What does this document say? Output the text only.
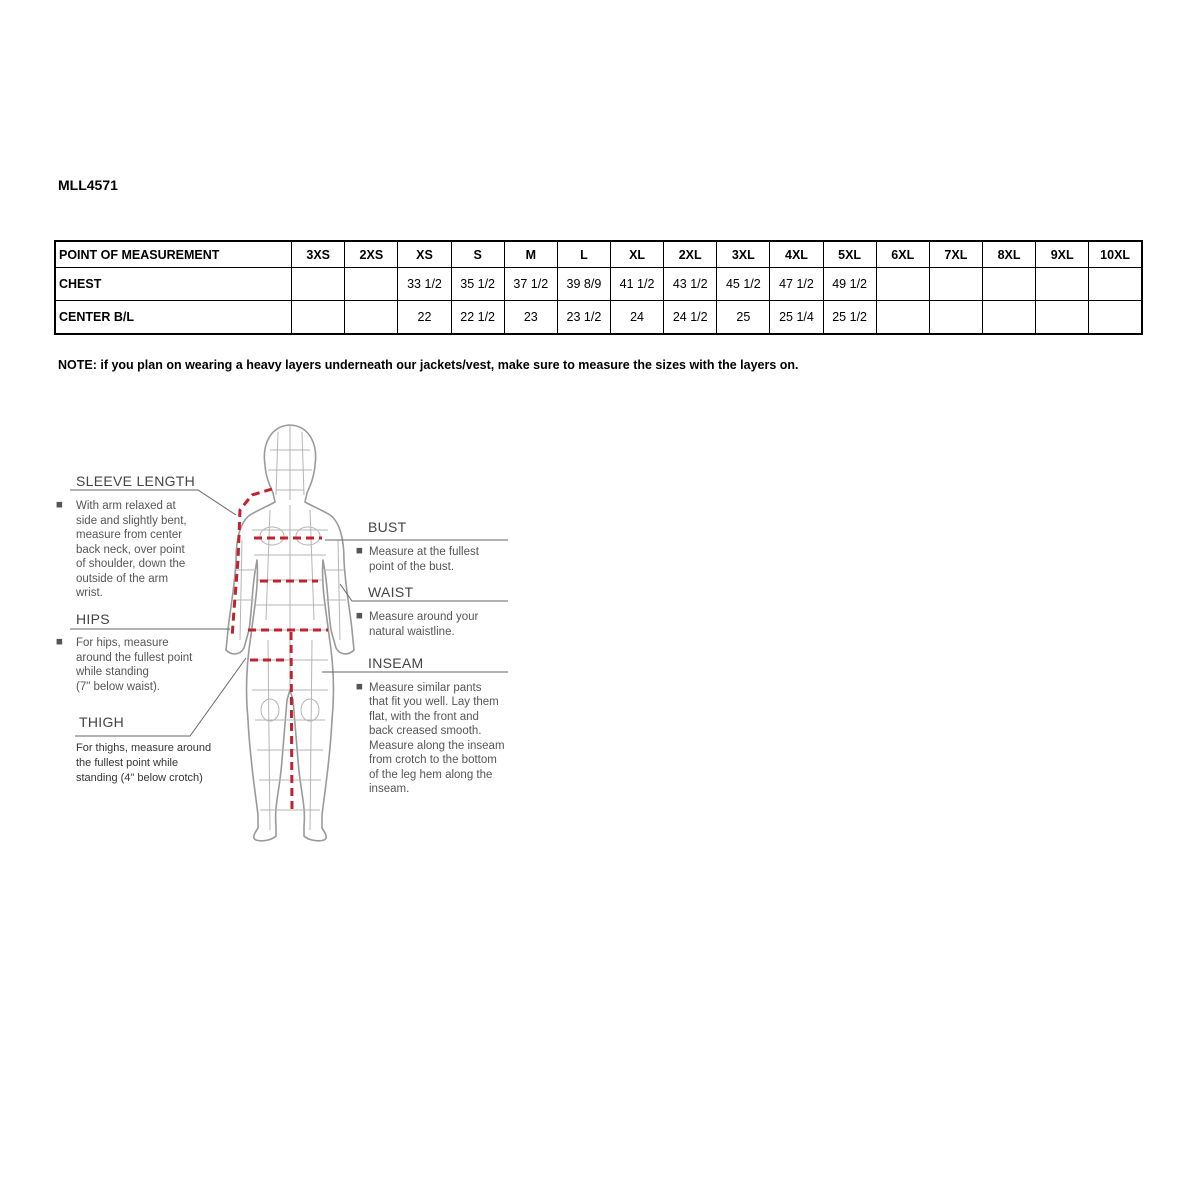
MLL4571
POINT OF MEASUREMENT	3XS	2XS	XS	S	M	L	XL	2XL	3XL	4XL	5XL	6XL	7XL	8XL	9XL	10XL
CHEST			33 1/2	35 1/2	37 1/2	39 8/9	41 1/2	43 1/2	45 1/2	47 1/2	49 1/2					
CENTER B/L			22	22 1/2	23	23 1/2	24	24 1/2	25	25 1/4	25 1/2					
NOTE: if you plan on wearing a heavy layers underneath our jackets/vest, make sure to measure the sizes with the layers on.
SLEEVE LENGTH
■ With arm relaxed at
side and slightly bent,
measure from center
back neck, over point
of shoulder, down the
outside of the arm
wrist.
HIPS
■ For hips, measure
around the fullest point
while standing
(7" below waist).
THIGH
For thighs, measure around
the fullest point while
standing (4" below crotch)
BUST
■ Measure at the fullest
point of the bust.
WAIST
■ Measure around your
natural waistline.
INSEAM
■ Measure similar pants
that fit you well. Lay them
flat, with the front and
back creased smooth.
Measure along the inseam
from crotch to the bottom
of the leg hem along the
inseam.
